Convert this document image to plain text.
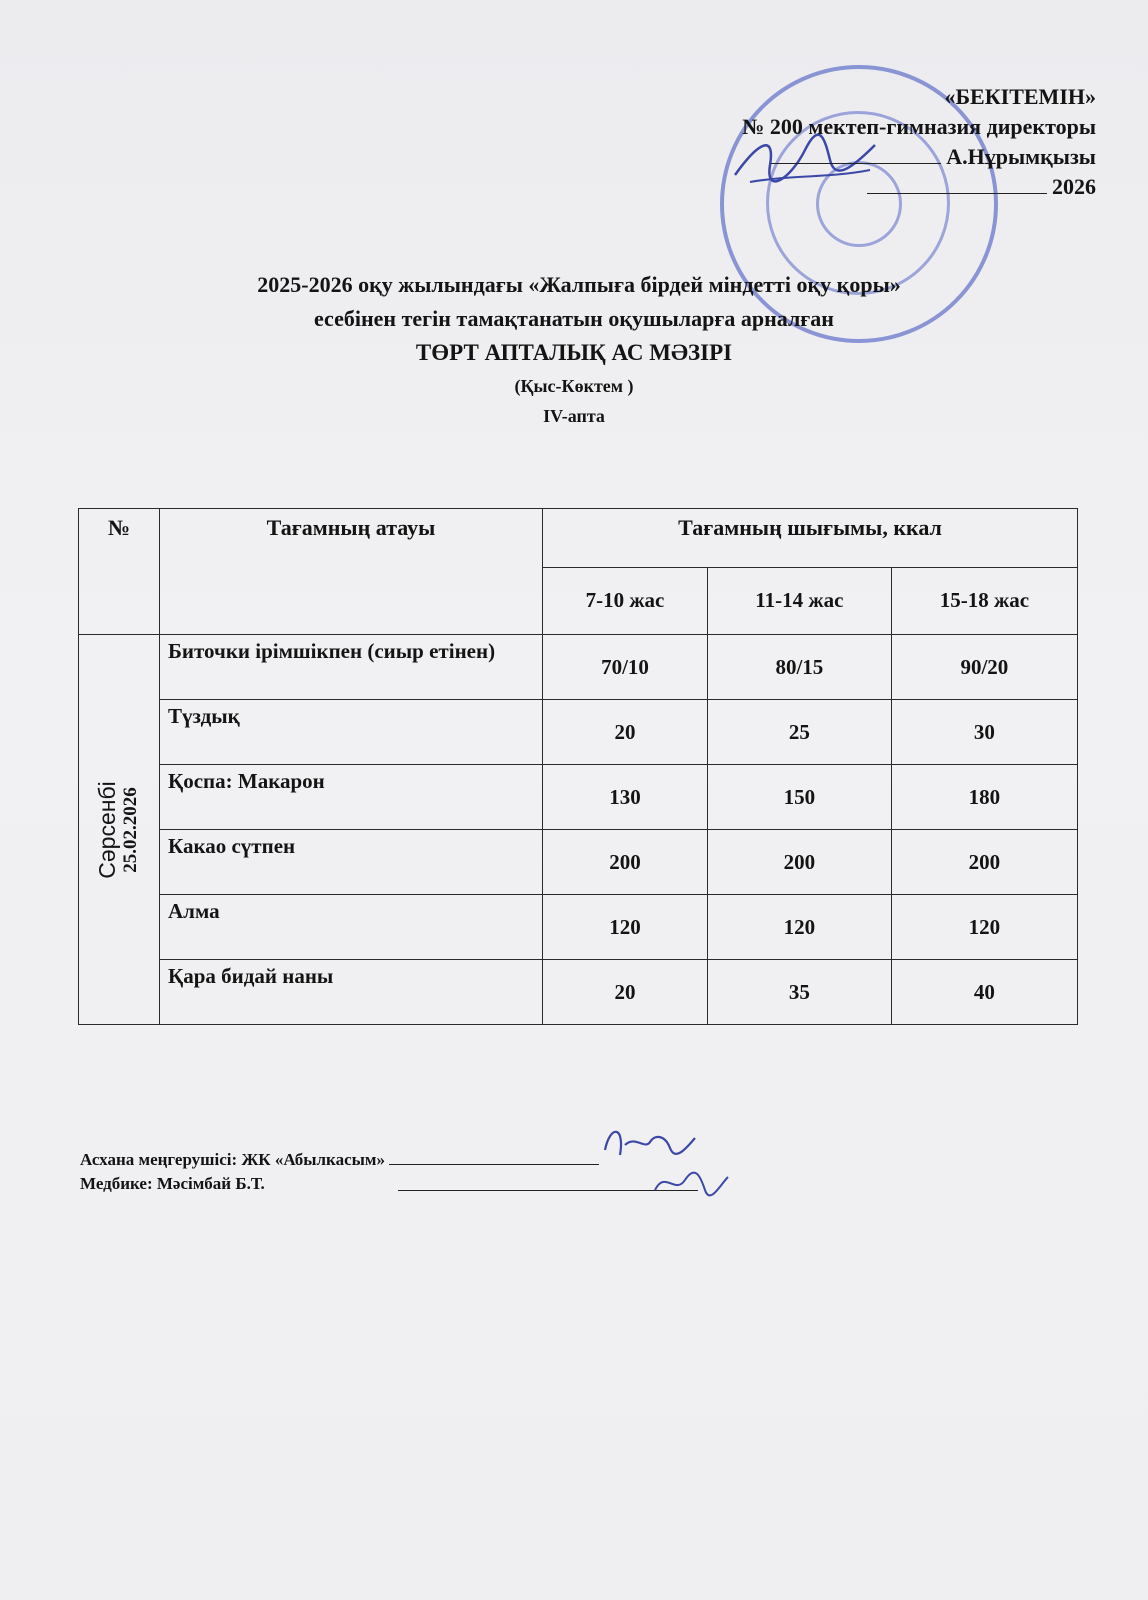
«БЕКІТЕМІН»
№ 200 мектеп-гимназия директоры
А.Нұрымқызы
2026
2025-2026 оқу жылындағы «Жалпыға бірдей міндетті оқу қоры»
есебінен тегін тамақтанатын оқушыларға арналған
ТӨРТ АПТАЛЫҚ АС МӘЗІРІ
(Қыс-Көктем )
IV-апта
№	Тағамның атауы	Тағамның шығымы, ккал		
		7-10 жас	11-14 жас	15-18 жас

Сәрсенбі 25.02.2026	Биточки ірімшікпен (сиыр етінен)	70/10	80/15	90/20
	Түздық	20	25	30
	Қоспа: Макарон	130	150	180
	Какао сүтпен	200	200	200
	Алма	120	120	120
	Қара бидай наны	20	35	40
Асхана меңгерушісі: ЖК «Абылкасым»
Медбике: Мәсімбай Б.Т.
